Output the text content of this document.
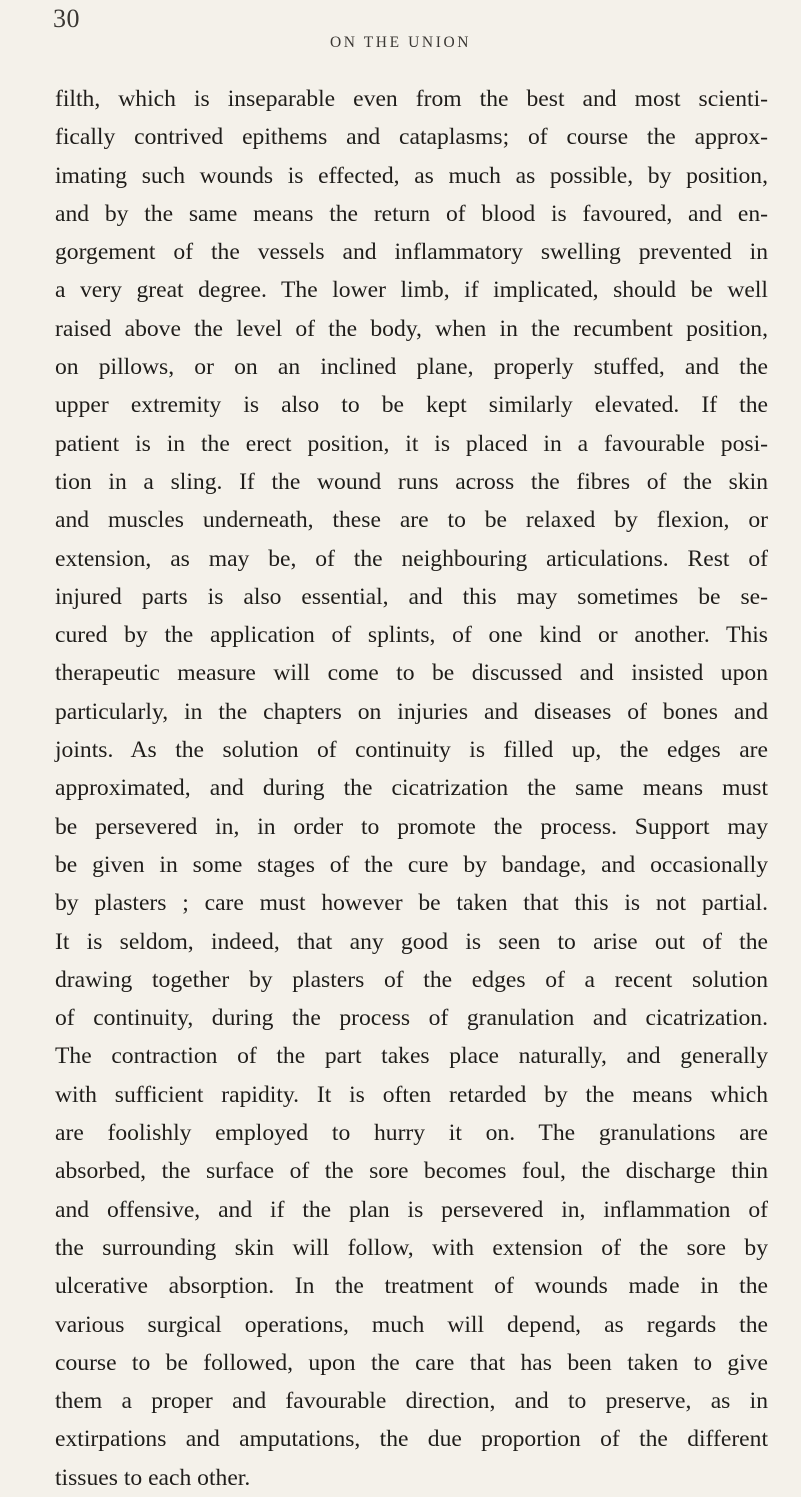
30
ON THE UNION
filth, which is inseparable even from the best and most scienti-
fically contrived epithems and cataplasms; of course the approx-
imating such wounds is effected, as much as possible, by position,
and by the same means the return of blood is favoured, and en-
gorgement of the vessels and inflammatory swelling prevented in
a very great degree. The lower limb, if implicated, should be well
raised above the level of the body, when in the recumbent position,
on pillows, or on an inclined plane, properly stuffed, and the
upper extremity is also to be kept similarly elevated. If the
patient is in the erect position, it is placed in a favourable posi-
tion in a sling. If the wound runs across the fibres of the skin
and muscles underneath, these are to be relaxed by flexion, or
extension, as may be, of the neighbouring articulations. Rest of
injured parts is also essential, and this may sometimes be se-
cured by the application of splints, of one kind or another. This
therapeutic measure will come to be discussed and insisted upon
particularly, in the chapters on injuries and diseases of bones and
joints. As the solution of continuity is filled up, the edges are
approximated, and during the cicatrization the same means must
be persevered in, in order to promote the process. Support may
be given in some stages of the cure by bandage, and occasionally
by plasters ; care must however be taken that this is not partial.
It is seldom, indeed, that any good is seen to arise out of the
drawing together by plasters of the edges of a recent solution
of continuity, during the process of granulation and cicatrization.
The contraction of the part takes place naturally, and generally
with sufficient rapidity. It is often retarded by the means which
are foolishly employed to hurry it on. The granulations are
absorbed, the surface of the sore becomes foul, the discharge thin
and offensive, and if the plan is persevered in, inflammation of
the surrounding skin will follow, with extension of the sore by
ulcerative absorption. In the treatment of wounds made in the
various surgical operations, much will depend, as regards the
course to be followed, upon the care that has been taken to give
them a proper and favourable direction, and to preserve, as in
extirpations and amputations, the due proportion of the different
tissues to each other.
